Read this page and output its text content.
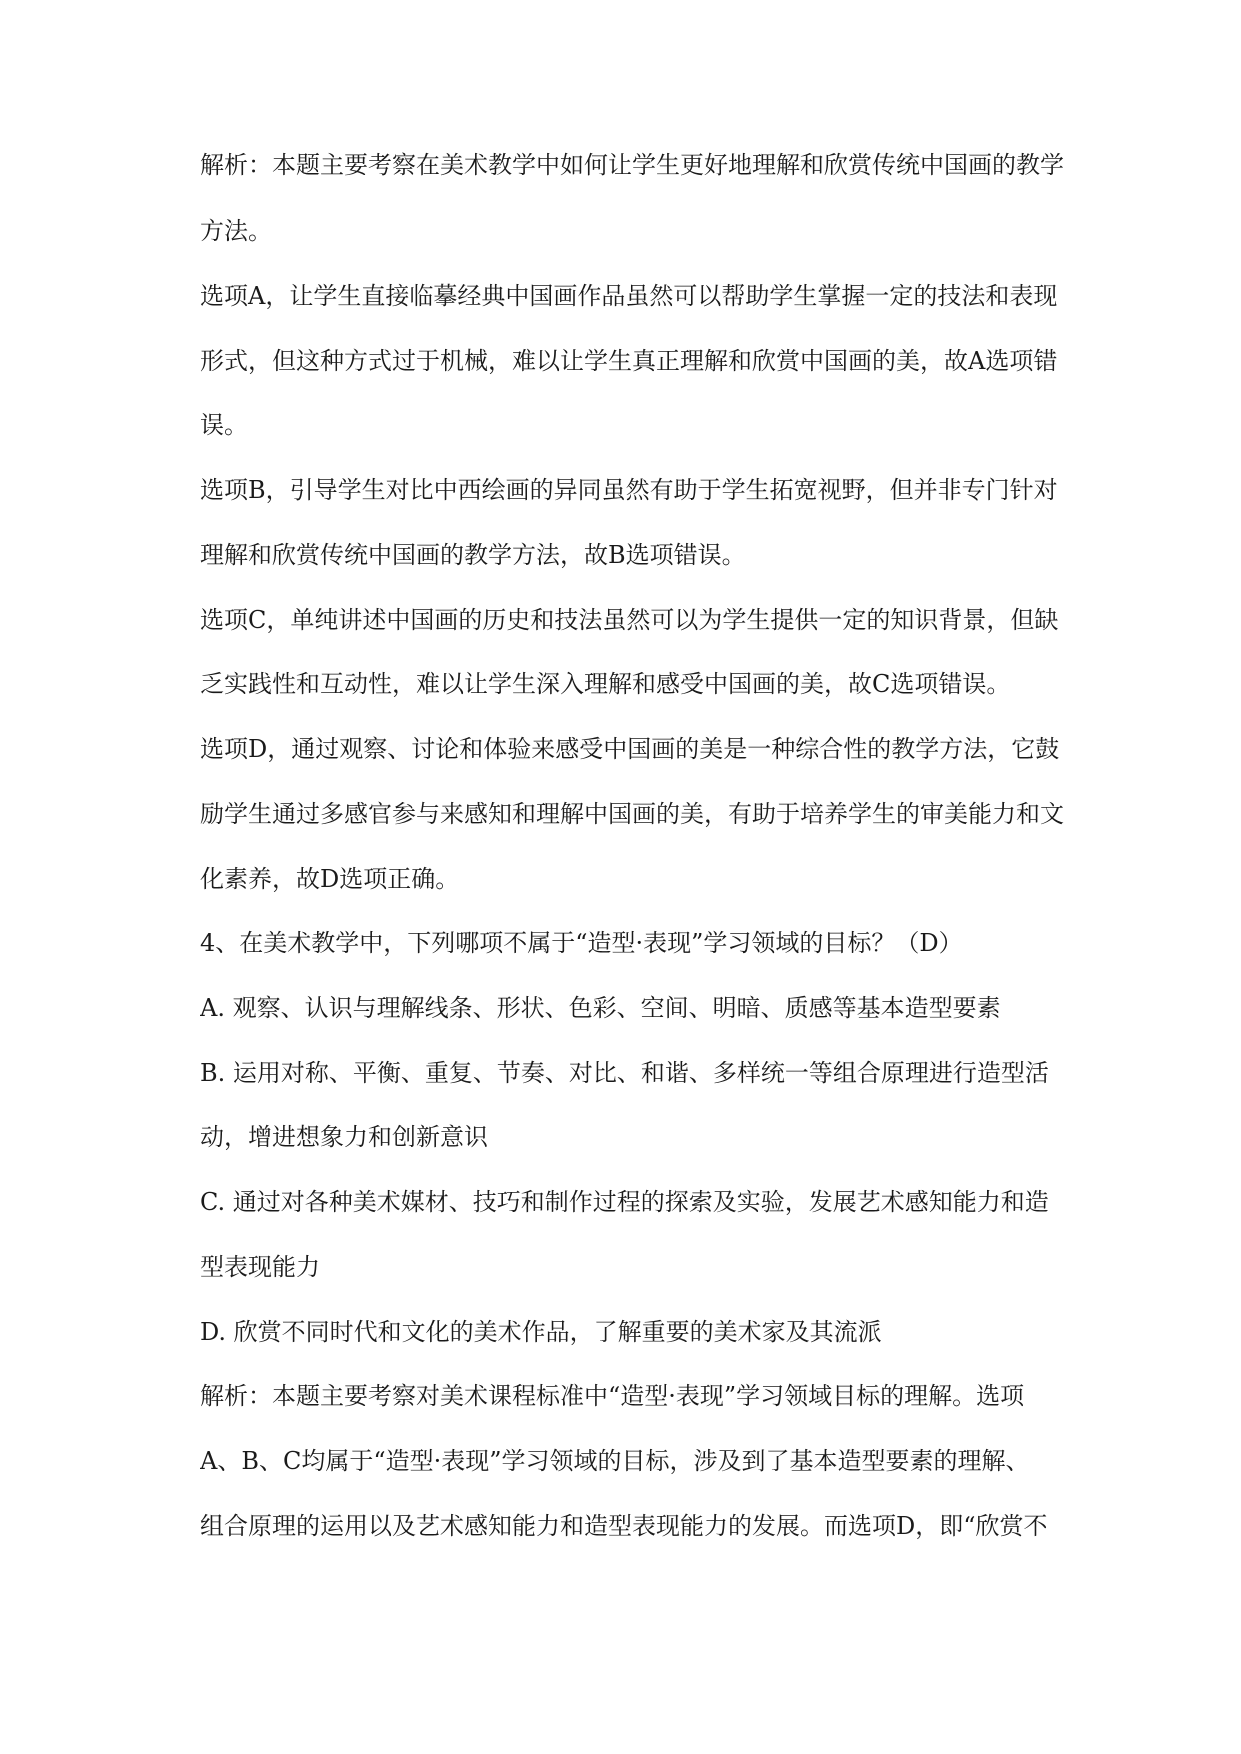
解析：本题主要考察在美术教学中如何让学生更好地理解和欣赏传统中国画的教学
方法。
选项A，让学生直接临摹经典中国画作品虽然可以帮助学生掌握一定的技法和表现
形式，但这种方式过于机械，难以让学生真正理解和欣赏中国画的美，故A选项错
误。
选项B，引导学生对比中西绘画的异同虽然有助于学生拓宽视野，但并非专门针对
理解和欣赏传统中国画的教学方法，故B选项错误。
选项C，单纯讲述中国画的历史和技法虽然可以为学生提供一定的知识背景，但缺
乏实践性和互动性，难以让学生深入理解和感受中国画的美，故C选项错误。
选项D，通过观察、讨论和体验来感受中国画的美是一种综合性的教学方法，它鼓
励学生通过多感官参与来感知和理解中国画的美，有助于培养学生的审美能力和文
化素养，故D选项正确。
4、在美术教学中，下列哪项不属于“造型·表现”学习领域的目标？（D）
A. 观察、认识与理解线条、形状、色彩、空间、明暗、质感等基本造型要素
B. 运用对称、平衡、重复、节奏、对比、和谐、多样统一等组合原理进行造型活
动，增进想象力和创新意识
C. 通过对各种美术媒材、技巧和制作过程的探索及实验，发展艺术感知能力和造
型表现能力
D. 欣赏不同时代和文化的美术作品，了解重要的美术家及其流派
解析：本题主要考察对美术课程标准中“造型·表现”学习领域目标的理解。选项
A、B、C均属于“造型·表现”学习领域的目标，涉及到了基本造型要素的理解、
组合原理的运用以及艺术感知能力和造型表现能力的发展。而选项D，即“欣赏不
